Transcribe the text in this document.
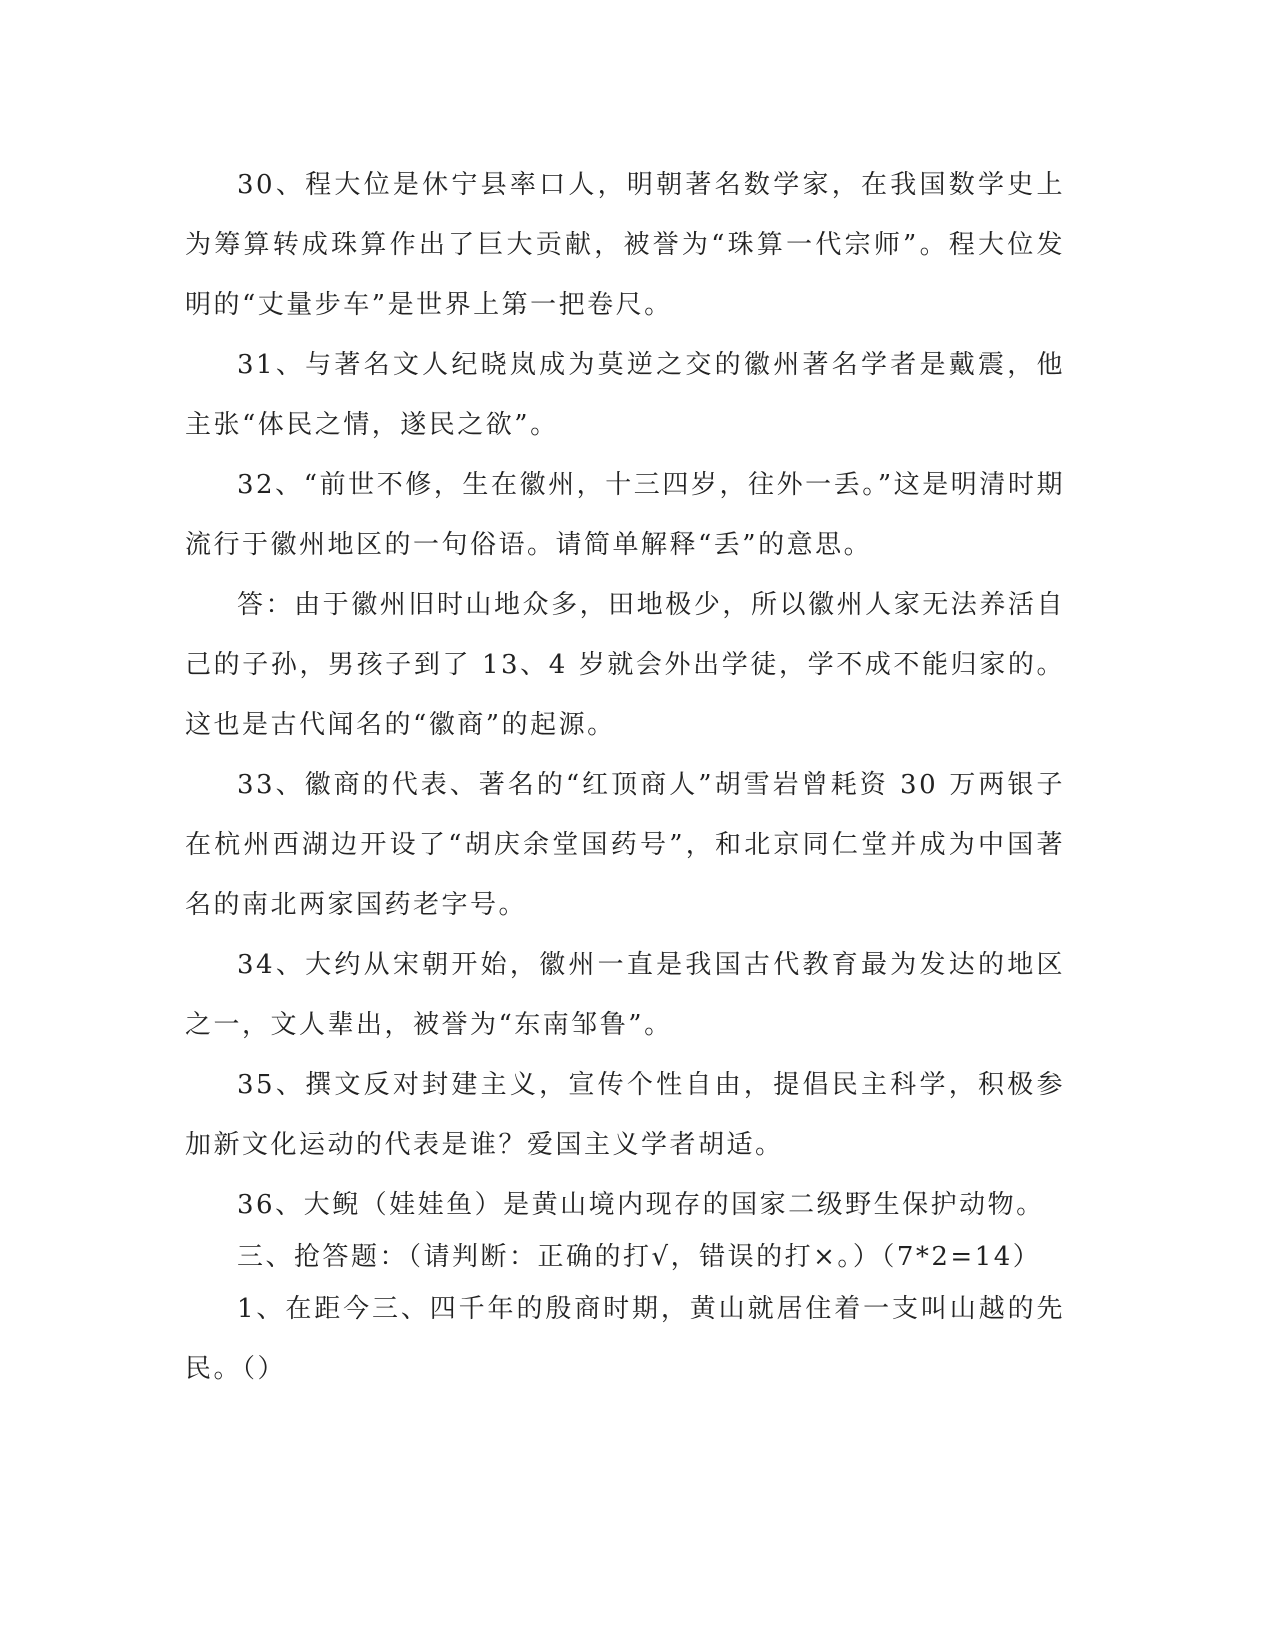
30、程大位是休宁县率口人，明朝著名数学家，在我国数学史上为筹算转成珠算作出了巨大贡献，被誉为“珠算一代宗师”。程大位发明的“丈量步车”是世界上第一把卷尺。

31、与著名文人纪晓岚成为莫逆之交的徽州著名学者是戴震，他主张“体民之情，遂民之欲”。

32、“前世不修，生在徽州，十三四岁，往外一丢。”这是明清时期流行于徽州地区的一句俗语。请简单解释“丢”的意思。

答：由于徽州旧时山地众多，田地极少，所以徽州人家无法养活自己的子孙，男孩子到了 13、4 岁就会外出学徒，学不成不能归家的。这也是古代闻名的“徽商”的起源。

33、徽商的代表、著名的“红顶商人”胡雪岩曾耗资 30 万两银子在杭州西湖边开设了“胡庆余堂国药号”，和北京同仁堂并成为中国著名的南北两家国药老字号。

34、大约从宋朝开始，徽州一直是我国古代教育最为发达的地区之一，文人辈出，被誉为“东南邹鲁”。

35、撰文反对封建主义，宣传个性自由，提倡民主科学，积极参加新文化运动的代表是谁？爱国主义学者胡适。

36、大鲵（娃娃鱼）是黄山境内现存的国家二级野生保护动物。

三、抢答题：（请判断：正确的打√，错误的打×。）（7*2=14）

1、在距今三、四千年的殷商时期，黄山就居住着一支叫山越的先民。（）
